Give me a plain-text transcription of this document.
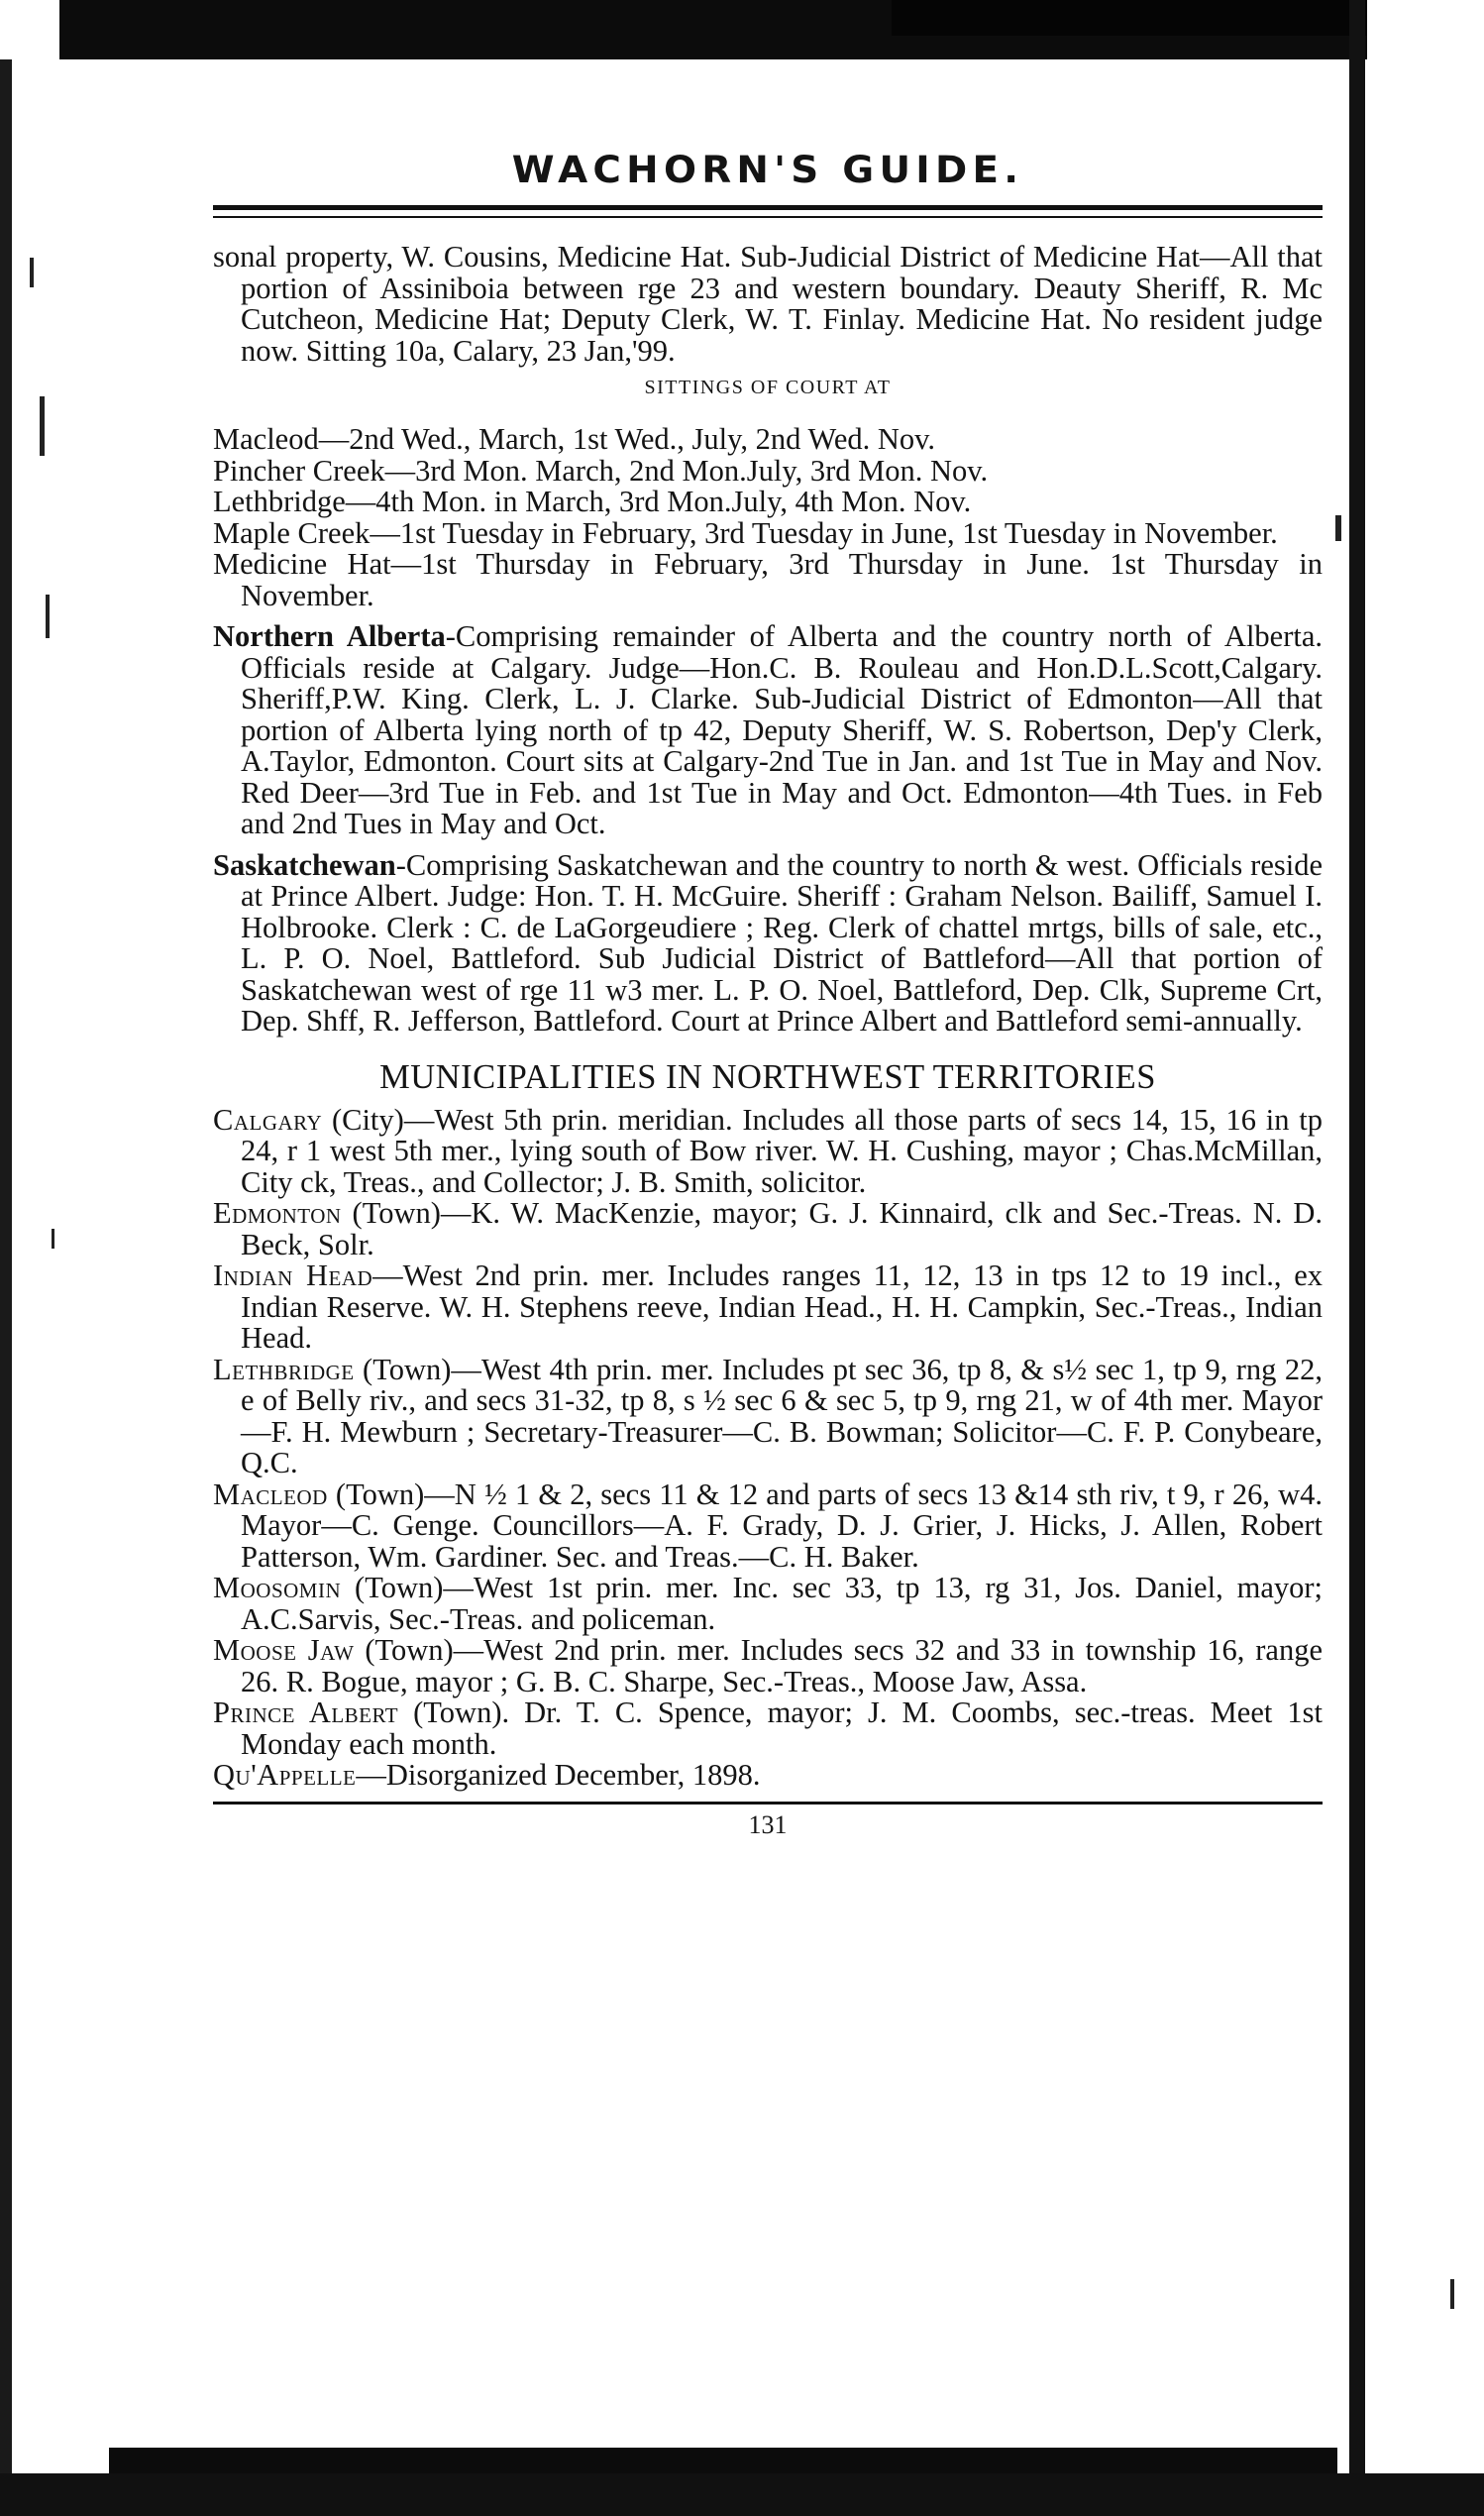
WACHORN'S GUIDE.

sonal property, W. Cousins, Medicine Hat. Sub-Judicial District of Medicine Hat—All that portion of Assiniboia between rge 23 and western boundary. Deauty Sheriff, R. Mc Cutcheon, Medicine Hat; Deputy Clerk, W. T. Finlay. Medicine Hat. No resident judge now. Sitting 10a, Calary, 23 Jan,'99.

SITTINGS OF COURT AT

Macleod—2nd Wed., March, 1st Wed., July, 2nd Wed. Nov.

Pincher Creek—3rd Mon. March, 2nd Mon.July, 3rd Mon. Nov.

Lethbridge—4th Mon. in March, 3rd Mon.July, 4th Mon. Nov.

Maple Creek—1st Tuesday in February, 3rd Tuesday in June, 1st Tuesday in November.

Medicine Hat—1st Thursday in February, 3rd Thursday in June. 1st Thursday in November.

Northern Alberta-Comprising remainder of Alberta and the country north of Alberta. Officials reside at Calgary. Judge—Hon.C. B. Rouleau and Hon.D.L.Scott,Calgary. Sheriff,P.W. King. Clerk, L. J. Clarke. Sub-Judicial District of Edmonton—All that portion of Alberta lying north of tp 42, Deputy Sheriff, W. S. Robertson, Dep'y Clerk, A.Taylor, Edmonton. Court sits at Calgary-2nd Tue in Jan. and 1st Tue in May and Nov. Red Deer—3rd Tue in Feb. and 1st Tue in May and Oct. Edmonton—4th Tues. in Feb and 2nd Tues in May and Oct.

Saskatchewan-Comprising Saskatchewan and the country to north & west. Officials reside at Prince Albert. Judge: Hon. T. H. McGuire. Sheriff : Graham Nelson. Bailiff, Samuel I. Holbrooke. Clerk : C. de LaGorgeudiere ; Reg. Clerk of chattel mrtgs, bills of sale, etc., L. P. O. Noel, Battleford. Sub Judicial District of Battleford—All that portion of Saskatchewan west of rge 11 w3 mer. L. P. O. Noel, Battleford, Dep. Clk, Supreme Crt, Dep. Shff, R. Jefferson, Battleford. Court at Prince Albert and Battleford semi-annually.

MUNICIPALITIES IN NORTHWEST TERRITORIES

Calgary (City)—West 5th prin. meridian. Includes all those parts of secs 14, 15, 16 in tp 24, r 1 west 5th mer., lying south of Bow river. W. H. Cushing, mayor ; Chas.McMillan, City ck, Treas., and Collector; J. B. Smith, solicitor.

Edmonton (Town)—K. W. MacKenzie, mayor; G. J. Kinnaird, clk and Sec.-Treas. N. D. Beck, Solr.

Indian Head—West 2nd prin. mer. Includes ranges 11, 12, 13 in tps 12 to 19 incl., ex Indian Reserve. W. H. Stephens reeve, Indian Head., H. H. Campkin, Sec.-Treas., Indian Head.

Lethbridge (Town)—West 4th prin. mer. Includes pt sec 36, tp 8, & s½ sec 1, tp 9, rng 22, e of Belly riv., and secs 31-32, tp 8, s ½ sec 6 & sec 5, tp 9, rng 21, w of 4th mer. Mayor—F. H. Mewburn ; Secretary-Treasurer—C. B. Bowman; Solicitor—C. F. P. Conybeare, Q.C.

Macleod (Town)—N ½ 1 & 2, secs 11 & 12 and parts of secs 13 &14 sth riv, t 9, r 26, w4. Mayor—C. Genge. Councillors—A. F. Grady, D. J. Grier, J. Hicks, J. Allen, Robert Patterson, Wm. Gardiner. Sec. and Treas.—C. H. Baker.

Moosomin (Town)—West 1st prin. mer. Inc. sec 33, tp 13, rg 31, Jos. Daniel, mayor; A.C.Sarvis, Sec.-Treas. and policeman.

Moose Jaw (Town)—West 2nd prin. mer. Includes secs 32 and 33 in township 16, range 26. R. Bogue, mayor ; G. B. C. Sharpe, Sec.-Treas., Moose Jaw, Assa.

Prince Albert (Town). Dr. T. C. Spence, mayor; J. M. Coombs, sec.-treas. Meet 1st Monday each month.

Qu'Appelle—Disorganized December, 1898.

131
